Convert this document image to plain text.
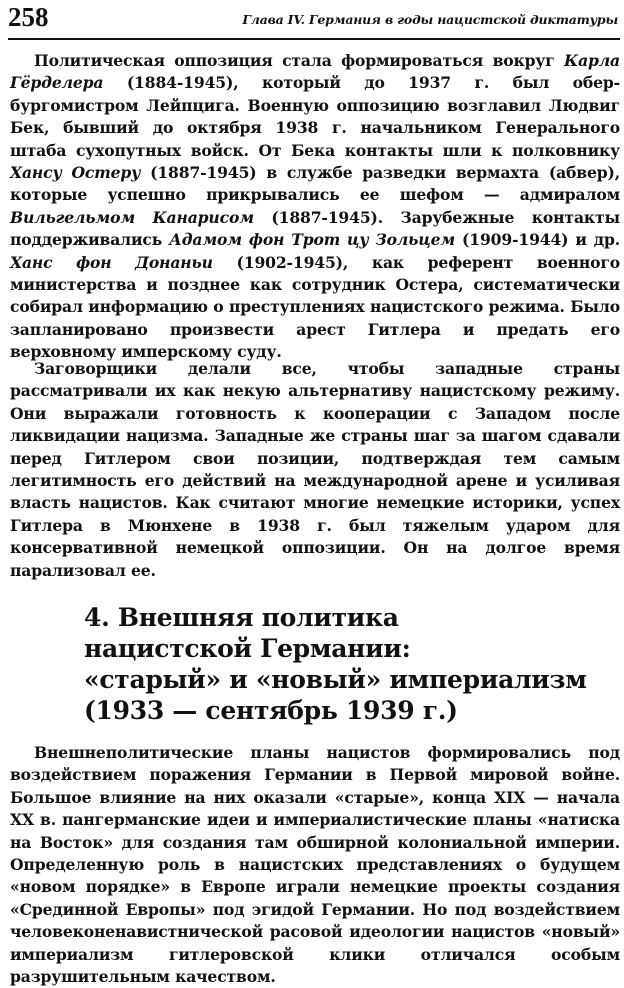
258	Глава IV. Германия в годы нацистской диктатуры

Политическая оппозиция стала формироваться вокруг Карла Гёрделера (1884-1945), который до 1937 г. был обер-бургомистром Лейпцига. Военную оппозицию возглавил Людвиг Бек, бывший до октября 1938 г. начальником Генерального штаба сухопутных войск. От Бека контакты шли к полковнику Хансу Остеру (1887-1945) в службе разведки вермахта (абвер), которые успешно прикрывались ее шефом — адмиралом Вильгельмом Канарисом (1887-1945). Зарубежные контакты поддерживались Адамом фон Трот цу Зольцем (1909-1944) и др. Ханс фон Донаньи (1902-1945), как референт военного министерства и позднее как сотрудник Остера, систематически собирал информацию о преступлениях нацистского режима. Было запланировано произвести арест Гитлера и предать его верховному имперскому суду.

Заговорщики делали все, чтобы западные страны рассматривали их как некую альтернативу нацистскому режиму. Они выражали готовность к кооперации с Западом после ликвидации нацизма. Западные же страны шаг за шагом сдавали перед Гитлером свои позиции, подтверждая тем самым легитимность его действий на международной арене и усиливая власть нацистов. Как считают многие немецкие историки, успех Гитлера в Мюнхене в 1938 г. был тяжелым ударом для консервативной немецкой оппозиции. Он на долгое время парализовал ее.

4. Внешняя политика
нацистской Германии:
«старый» и «новый» империализм
(1933 — сентябрь 1939 г.)

Внешнеполитические планы нацистов формировались под воздействием поражения Германии в Первой мировой войне. Большое влияние на них оказали «старые», конца XIX — начала XX в. пангерманские идеи и империалистические планы «натиска на Восток» для создания там обширной колониальной империи. Определенную роль в нацистских представлениях о будущем «новом порядке» в Европе играли немецкие проекты создания «Срединной Европы» под эгидой Германии. Но под воздействием человеконенавистнической расовой идеологии нацистов «новый» империализм гитлеровской клики отличался особым разрушительным качеством.
